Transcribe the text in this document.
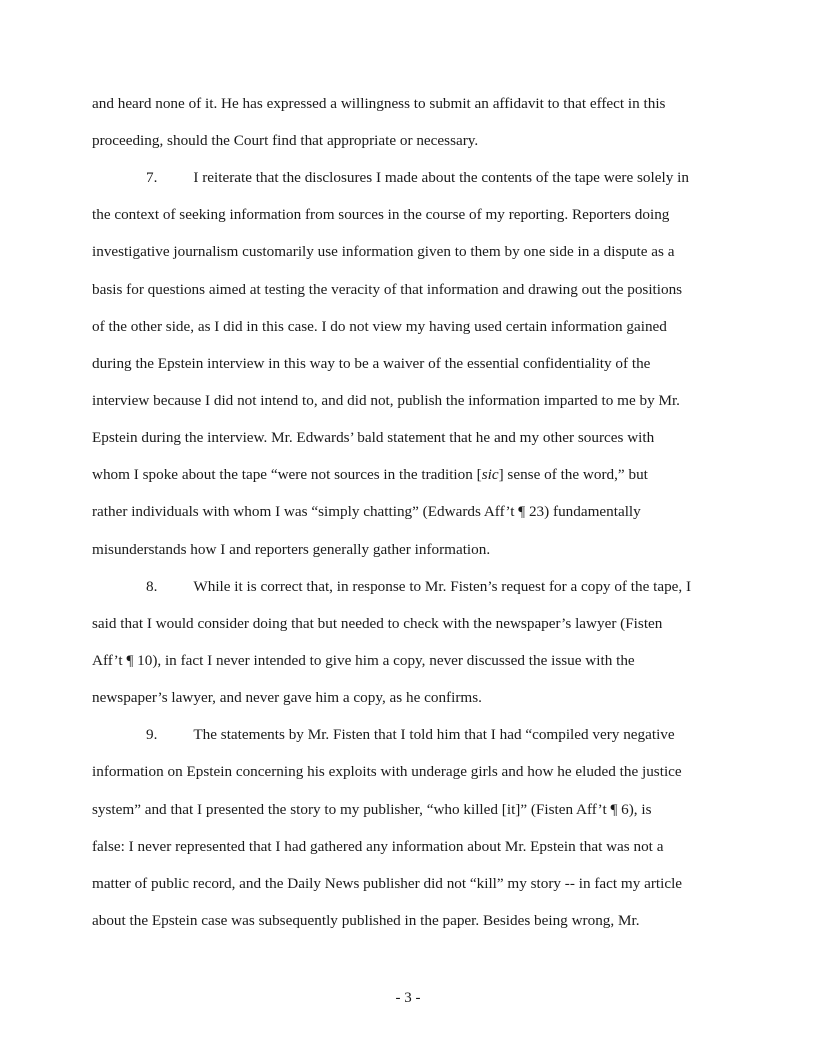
and heard none of it. He has expressed a willingness to submit an affidavit to that effect in this
proceeding, should the Court find that appropriate or necessary.
7. I reiterate that the disclosures I made about the contents of the tape were solely in
the context of seeking information from sources in the course of my reporting. Reporters doing
investigative journalism customarily use information given to them by one side in a dispute as a
basis for questions aimed at testing the veracity of that information and drawing out the positions
of the other side, as I did in this case. I do not view my having used certain information gained
during the Epstein interview in this way to be a waiver of the essential confidentiality of the
interview because I did not intend to, and did not, publish the information imparted to me by Mr.
Epstein during the interview. Mr. Edwards’ bald statement that he and my other sources with
whom I spoke about the tape “were not sources in the tradition [sic] sense of the word,” but
rather individuals with whom I was “simply chatting” (Edwards Aff’t ¶ 23) fundamentally
misunderstands how I and reporters generally gather information.
8. While it is correct that, in response to Mr. Fisten’s request for a copy of the tape, I
said that I would consider doing that but needed to check with the newspaper’s lawyer (Fisten
Aff’t ¶ 10), in fact I never intended to give him a copy, never discussed the issue with the
newspaper’s lawyer, and never gave him a copy, as he confirms.
9. The statements by Mr. Fisten that I told him that I had “compiled very negative
information on Epstein concerning his exploits with underage girls and how he eluded the justice
system” and that I presented the story to my publisher, “who killed [it]” (Fisten Aff’t ¶ 6), is
false: I never represented that I had gathered any information about Mr. Epstein that was not a
matter of public record, and the Daily News publisher did not “kill” my story -- in fact my article
about the Epstein case was subsequently published in the paper. Besides being wrong, Mr.
- 3 -
